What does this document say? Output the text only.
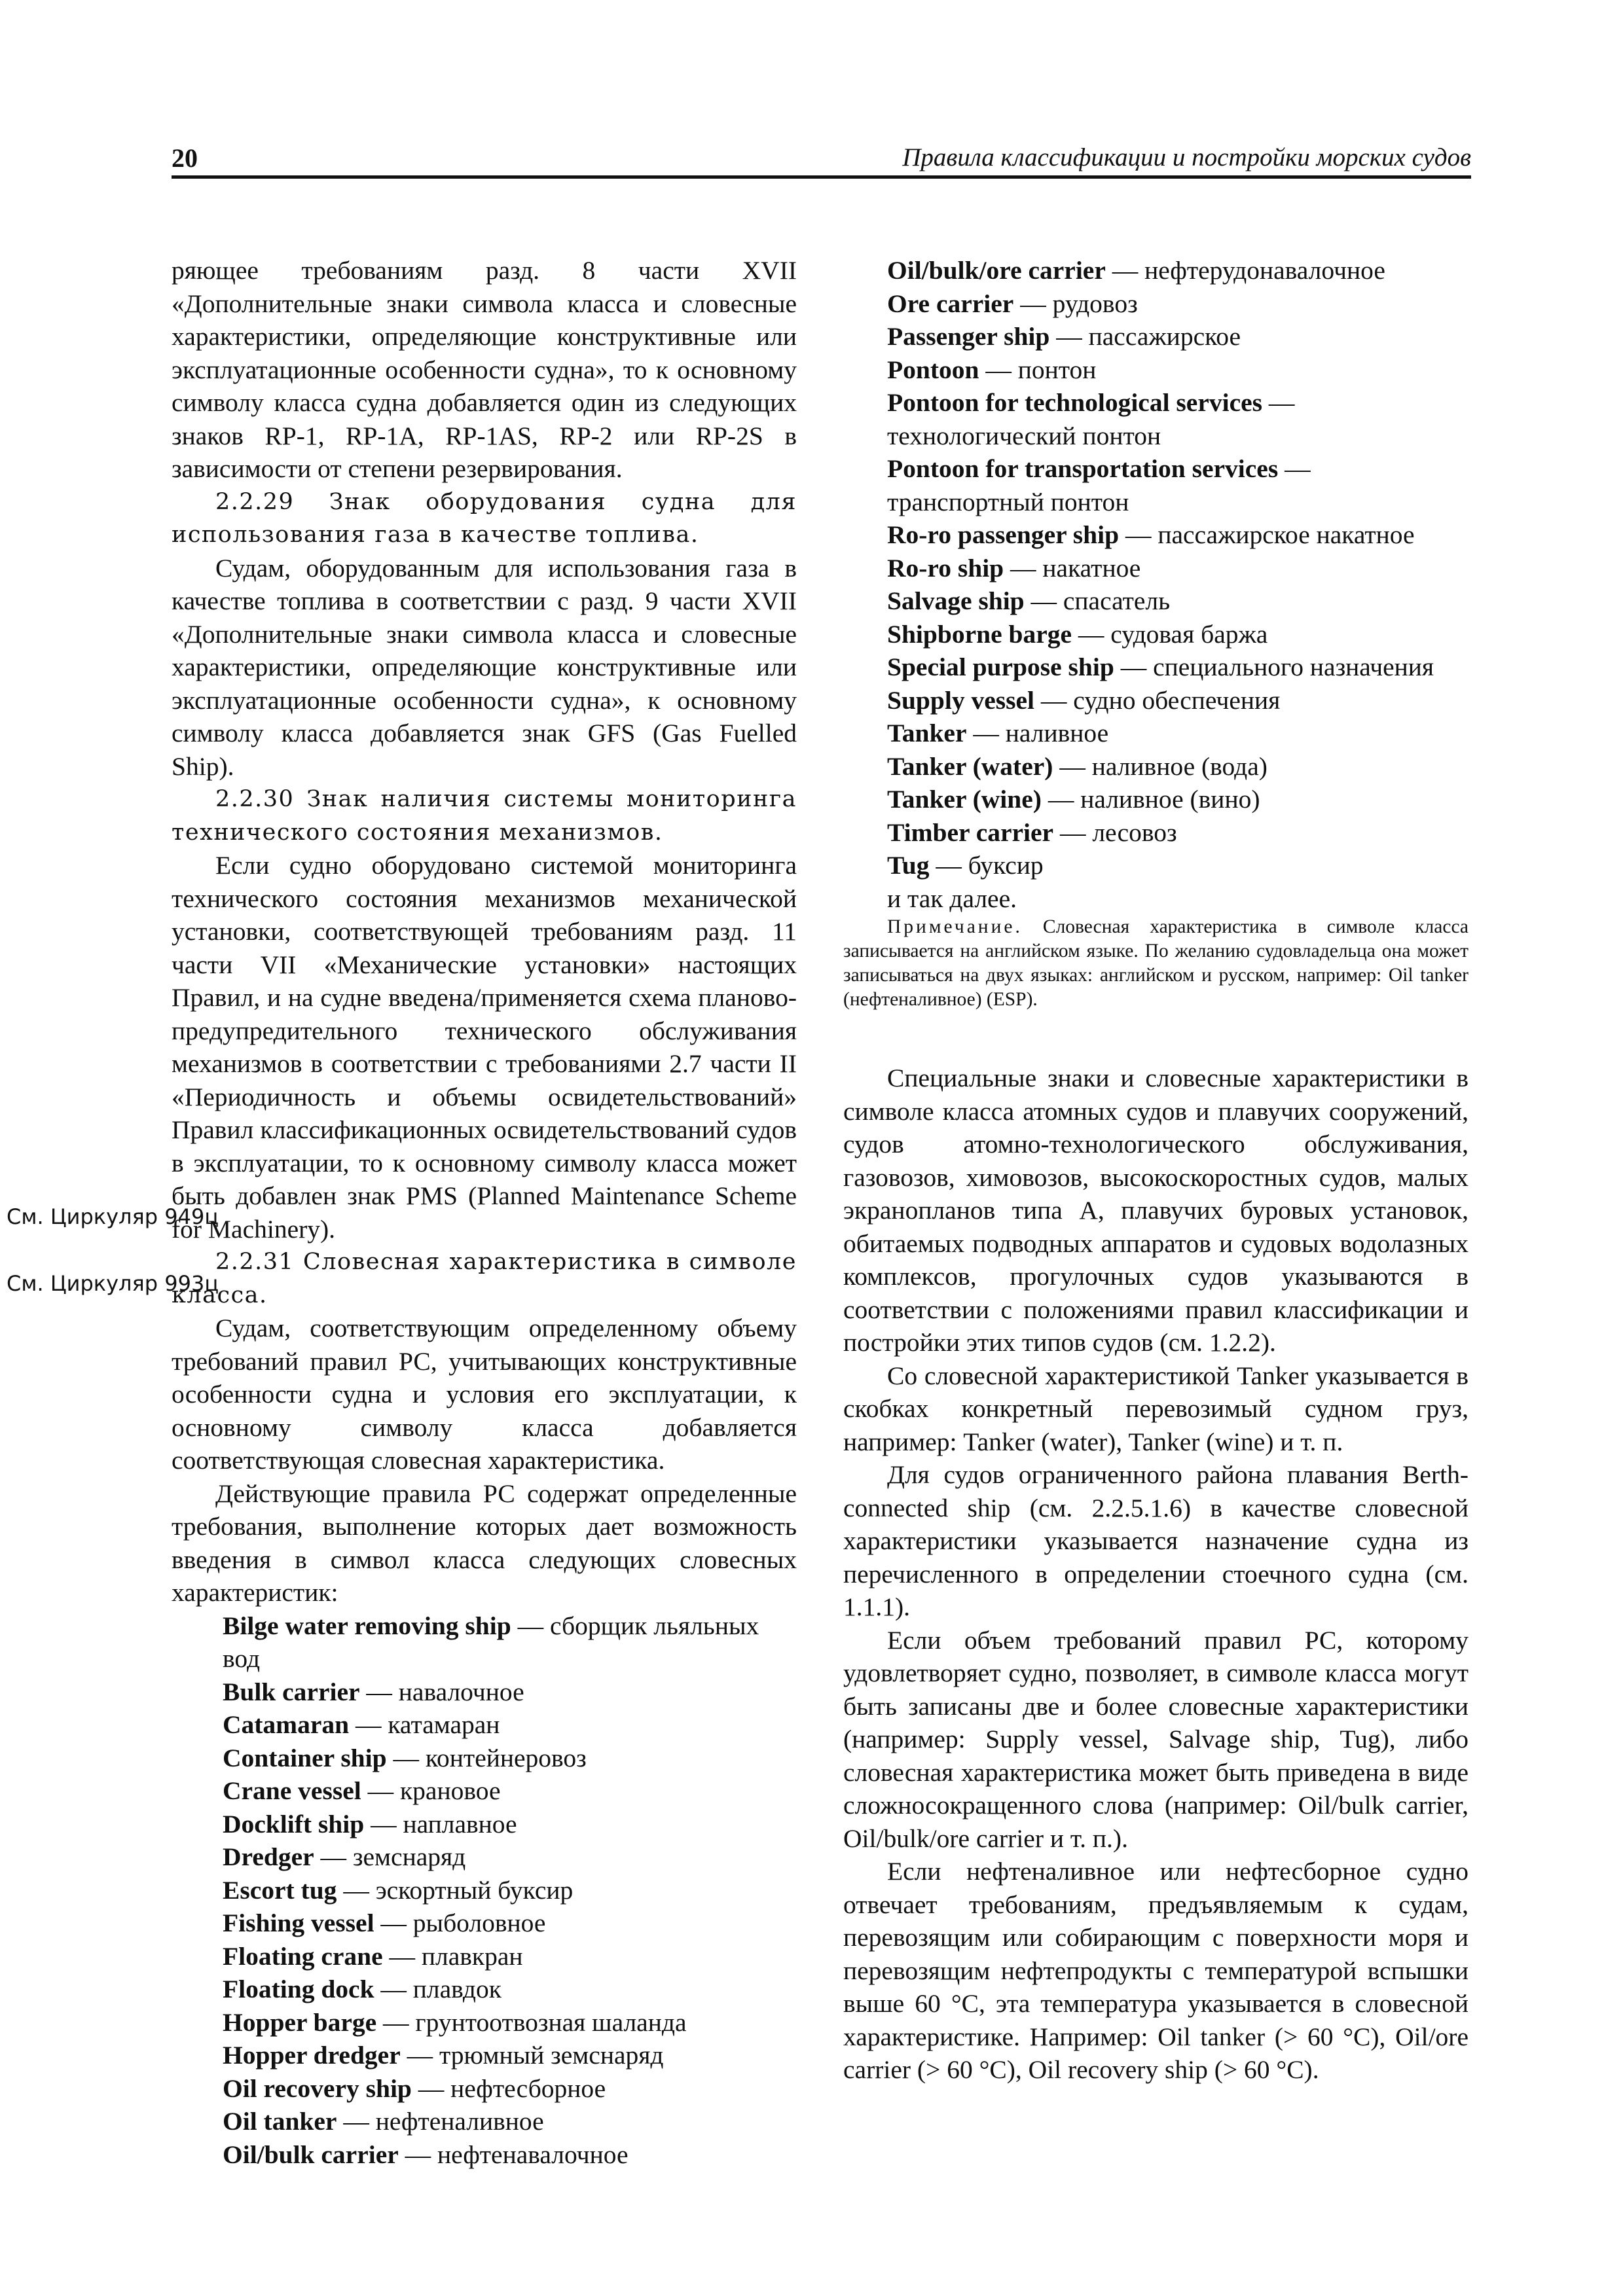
20	Правила классификации и постройки морских судов
См. Циркуляр 949ц
См. Циркуляр 993ц

ряющее требованиям разд. 8 части XVII «Дополнительные знаки символа класса и словесные характеристики, определяющие конструктивные или эксплуатационные особенности судна», то к основному символу класса судна добавляется один из следующих знаков RP-1, RP-1A, RP-1AS, RP-2 или RP-2S в зависимости от степени резервирования.

2.2.29 Знак оборудования судна для использования газа в качестве топлива.

Судам, оборудованным для использования газа в качестве топлива в соответствии с разд. 9 части XVII «Дополнительные знаки символа класса и словесные характеристики, определяющие конструктивные или эксплуатационные особенности судна», к основному символу класса добавляется знак GFS (Gas Fuelled Ship).

2.2.30 Знак наличия системы мониторинга технического состояния механизмов.

Если судно оборудовано системой мониторинга технического состояния механизмов механической установки, соответствующей требованиям разд. 11 части VII «Механические установки» настоящих Правил, и на судне введена/применяется схема планово-предупредительного технического обслуживания механизмов в соответствии с требованиями 2.7 части II «Периодичность и объемы освидетельствований» Правил классификационных освидетельствований судов в эксплуатации, то к основному символу класса может быть добавлен знак PMS (Planned Maintenance Scheme for Machinery).

2.2.31 Словесная характеристика в символе класса.

Судам, соответствующим определенному объему требований правил РС, учитывающих конструктивные особенности судна и условия его эксплуатации, к основному символу класса добавляется соответствующая словесная характеристика.

Действующие правила РС содержат определенные требования, выполнение которых дает возможность введения в символ класса следующих словесных характеристик:

Bilge water removing ship — сборщик льяльных вод
Bulk carrier — навалочное
Catamaran — катамаран
Container ship — контейнеровоз
Crane vessel — крановое
Docklift ship — наплавное
Dredger — земснаряд
Escort tug — эскортный буксир
Fishing vessel — рыболовное
Floating crane — плавкран
Floating dock — плавдок
Hopper barge — грунтоотвозная шаланда
Hopper dredger — трюмный земснаряд
Oil recovery ship — нефтесборное
Oil tanker — нефтеналивное
Oil/bulk carrier — нефтенавалочное
Oil/bulk/ore carrier — нефтерудонавалочное
Ore carrier — рудовоз
Passenger ship — пассажирское
Pontoon — понтон
Pontoon for technological services — технологический понтон
Pontoon for transportation services — транспортный понтон
Ro-ro passenger ship — пассажирское накатное
Ro-ro ship — накатное
Salvage ship — спасатель
Shipborne barge — судовая баржа
Special purpose ship — специального назначения
Supply vessel — судно обеспечения
Tanker — наливное
Tanker (water) — наливное (вода)
Tanker (wine) — наливное (вино)
Timber carrier — лесовоз
Tug — буксир
и так далее.

Примечание. Словесная характеристика в символе класса записывается на английском языке. По желанию судовладельца она может записываться на двух языках: английском и русском, например: Oil tanker (нефтеналивное) (ESP).

Специальные знаки и словесные характеристики в символе класса атомных судов и плавучих сооружений, судов атомно-технологического обслуживания, газовозов, химовозов, высокоскоростных судов, малых экранопланов типа А, плавучих буровых установок, обитаемых подводных аппаратов и судовых водолазных комплексов, прогулочных судов указываются в соответствии с положениями правил классификации и постройки этих типов судов (см. 1.2.2).

Со словесной характеристикой Tanker указывается в скобках конкретный перевозимый судном груз, например: Tanker (water), Tanker (wine) и т. п.

Для судов ограниченного района плавания Berth-connected ship (см. 2.2.5.1.6) в качестве словесной характеристики указывается назначение судна из перечисленного в определении стоечного судна (см. 1.1.1).

Если объем требований правил РС, которому удовлетворяет судно, позволяет, в символе класса могут быть записаны две и более словесные характеристики (например: Supply vessel, Salvage ship, Tug), либо словесная характеристика может быть приведена в виде сложносокращенного слова (например: Oil/bulk carrier, Oil/bulk/ore carrier и т. п.).

Если нефтеналивное или нефтесборное судно отвечает требованиям, предъявляемым к судам, перевозящим или собирающим с поверхности моря и перевозящим нефтепродукты с температурой вспышки выше 60 °С, эта температура указывается в словесной характеристике. Например: Oil tanker (> 60 °С), Oil/ore carrier (> 60 °С), Oil recovery ship (> 60 °С).
